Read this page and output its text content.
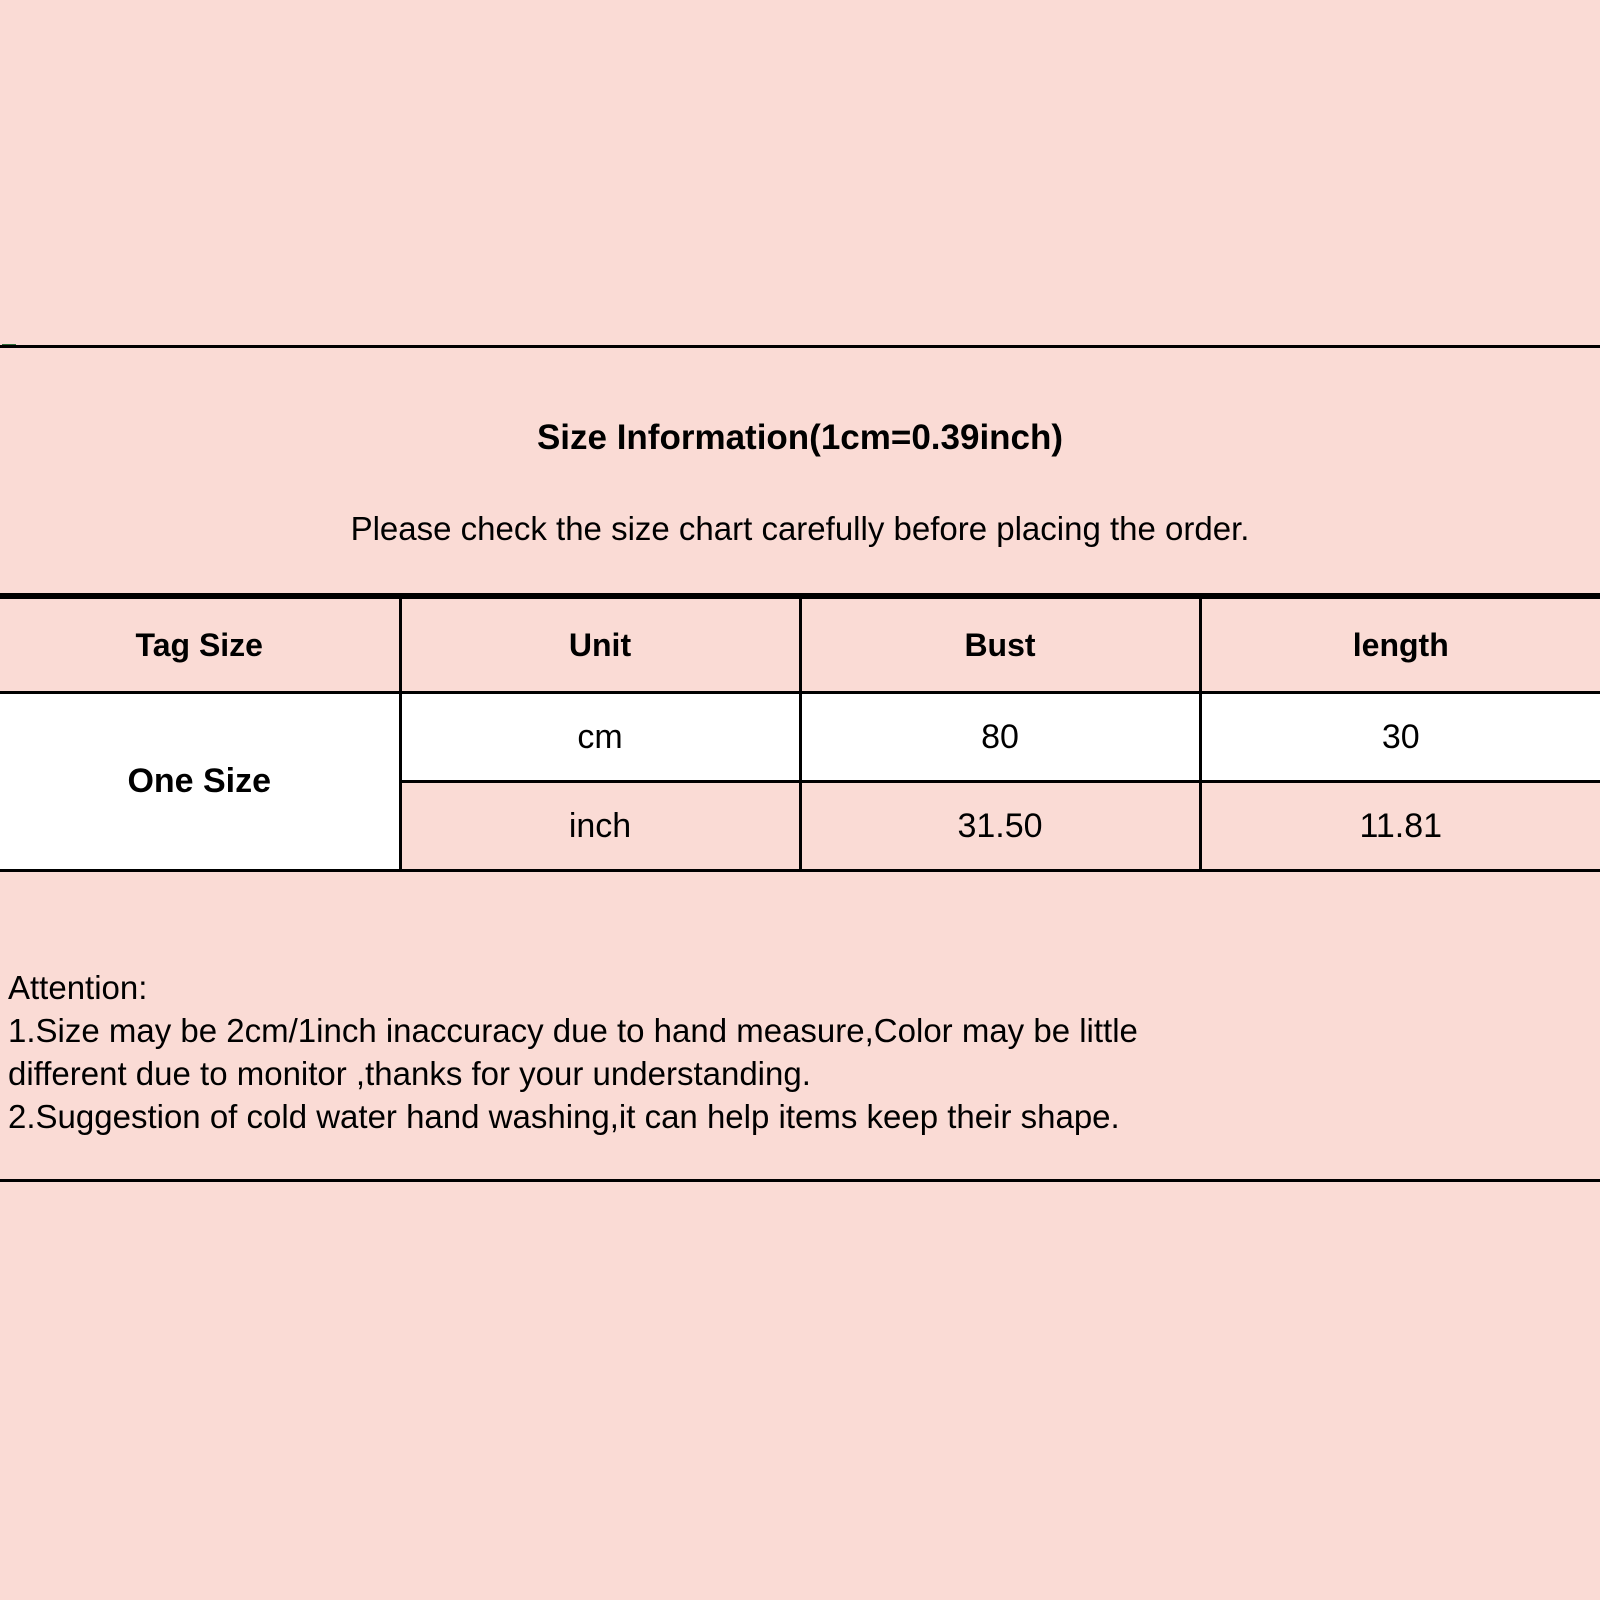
Size Information(1cm=0.39inch)
Please check the size chart carefully before placing the order.
Tag Size	Unit	Bust	length
One Size	cm	80	30
	inch	31.50	11.81
Attention:
1.Size may be 2cm/1inch inaccuracy due to hand measure,Color may be little
different due to monitor ,thanks for your understanding.
2.Suggestion of cold water hand washing,it can help items keep their shape.
